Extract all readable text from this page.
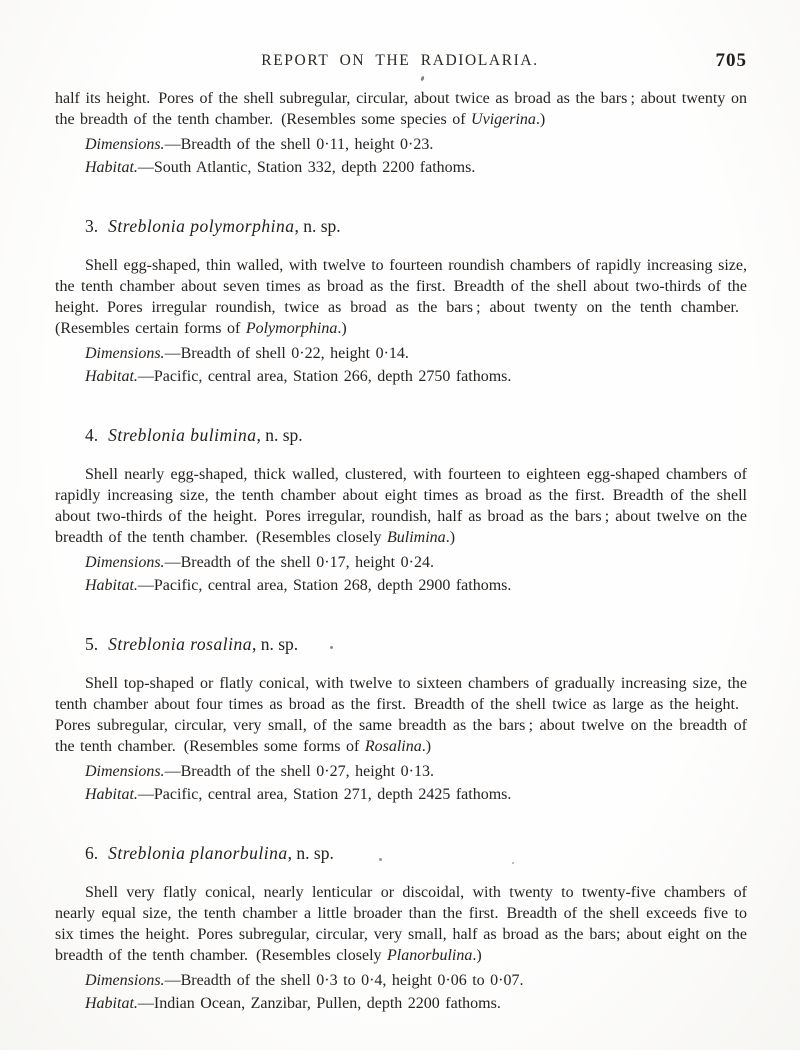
REPORT ON THE RADIOLARIA.	705

half its height. Pores of the shell subregular, circular, about twice as broad as the bars ; about twenty on the breadth of the tenth chamber. (Resembles some species of Uvigerina.)

Dimensions.—Breadth of the shell 0·11, height 0·23.

Habitat.—South Atlantic, Station 332, depth 2200 fathoms.

3. Streblonia polymorphina, n. sp.

Shell egg-shaped, thin walled, with twelve to fourteen roundish chambers of rapidly increasing size, the tenth chamber about seven times as broad as the first. Breadth of the shell about two-thirds of the height. Pores irregular roundish, twice as broad as the bars ; about twenty on the tenth chamber. (Resembles certain forms of Polymorphina.)

Dimensions.—Breadth of shell 0·22, height 0·14.

Habitat.—Pacific, central area, Station 266, depth 2750 fathoms.

4. Streblonia bulimina, n. sp.

Shell nearly egg-shaped, thick walled, clustered, with fourteen to eighteen egg-shaped chambers of rapidly increasing size, the tenth chamber about eight times as broad as the first. Breadth of the shell about two-thirds of the height. Pores irregular, roundish, half as broad as the bars ; about twelve on the breadth of the tenth chamber. (Resembles closely Bulimina.)

Dimensions.—Breadth of the shell 0·17, height 0·24.

Habitat.—Pacific, central area, Station 268, depth 2900 fathoms.

5. Streblonia rosalina, n. sp.

Shell top-shaped or flatly conical, with twelve to sixteen chambers of gradually increasing size, the tenth chamber about four times as broad as the first. Breadth of the shell twice as large as the height. Pores subregular, circular, very small, of the same breadth as the bars ; about twelve on the breadth of the tenth chamber. (Resembles some forms of Rosalina.)

Dimensions.—Breadth of the shell 0·27, height 0·13.

Habitat.—Pacific, central area, Station 271, depth 2425 fathoms.

6. Streblonia planorbulina, n. sp.

Shell very flatly conical, nearly lenticular or discoidal, with twenty to twenty-five chambers of nearly equal size, the tenth chamber a little broader than the first. Breadth of the shell exceeds five to six times the height. Pores subregular, circular, very small, half as broad as the bars; about eight on the breadth of the tenth chamber. (Resembles closely Planorbulina.)

Dimensions.—Breadth of the shell 0·3 to 0·4, height 0·06 to 0·07.

Habitat.—Indian Ocean, Zanzibar, Pullen, depth 2200 fathoms.
